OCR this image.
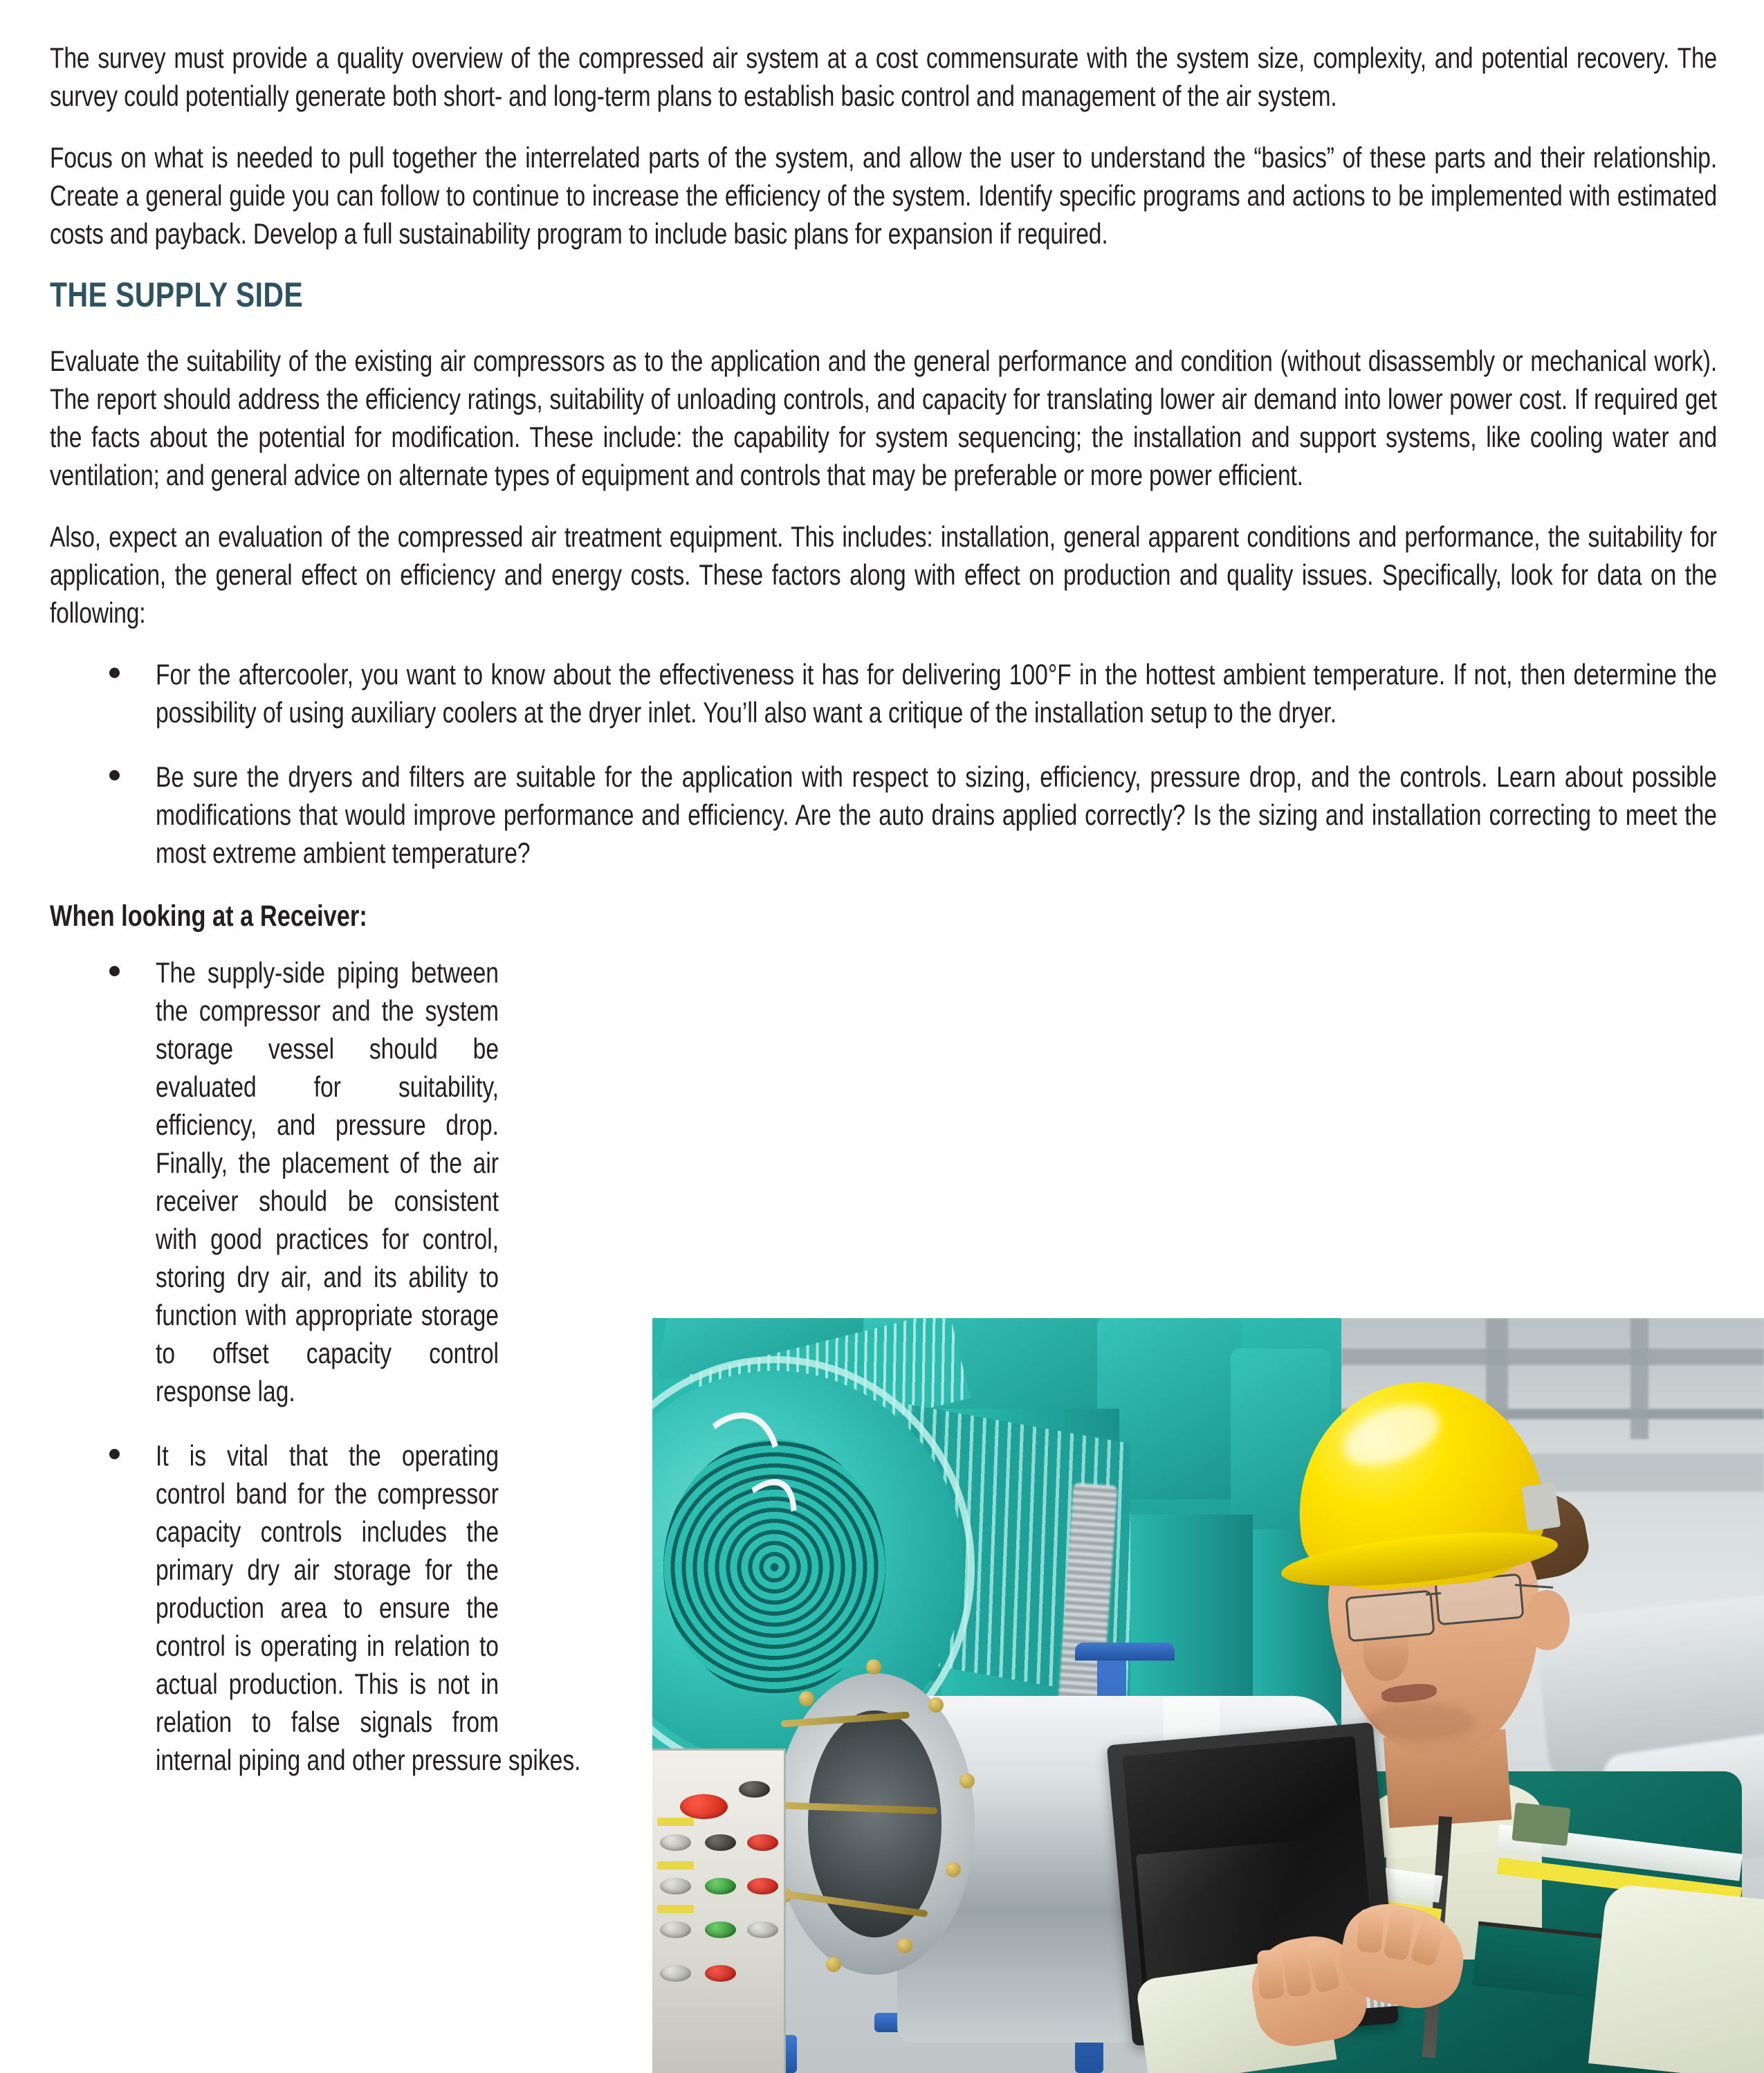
The survey must provide a quality overview of the compressed air system at a cost commensurate with the system size, complexity, and potential recovery. The survey could potentially generate both short- and long-term plans to establish basic control and management of the air system.

Focus on what is needed to pull together the interrelated parts of the system, and allow the user to understand the “basics” of these parts and their relationship. Create a general guide you can follow to continue to increase the efficiency of the system. Identify specific programs and actions to be implemented with estimated costs and payback. Develop a full sustainability program to include basic plans for expansion if required.

THE SUPPLY SIDE

Evaluate the suitability of the existing air compressors as to the application and the general performance and condition (without disassembly or mechanical work). The report should address the efficiency ratings, suitability of unloading controls, and capacity for translating lower air demand into lower power cost. If required get the facts about the potential for modification. These include: the capability for system sequencing; the installation and support systems, like cooling water and ventilation; and general advice on alternate types of equipment and controls that may be preferable or more power efficient.

Also, expect an evaluation of the compressed air treatment equipment. This includes: installation, general apparent conditions and performance, the suitability for application, the general effect on efficiency and energy costs. These factors along with effect on production and quality issues. Specifically, look for data on the following:

For the aftercooler, you want to know about the effectiveness it has for delivering 100°F in the hottest ambient temperature. If not, then determine the possibility of using auxiliary coolers at the dryer inlet. You’ll also want a critique of the installation setup to the dryer.
Be sure the dryers and filters are suitable for the application with respect to sizing, efficiency, pressure drop, and the controls. Learn about possible modifications that would improve performance and efficiency. Are the auto drains applied correctly? Is the sizing and installation correcting to meet the most extreme ambient temperature?
When looking at a Receiver:
The supply-side piping between the compressor and the system storage vessel should be evaluated for suitability, efficiency, and pressure drop. Finally, the placement of the air receiver should be consistent with good practices for control, storing dry air, and its ability to function with appropriate storage to offset capacity control response lag.
It is vital that the operating control band for the compressor capacity controls includes the primary dry air storage for the production area to ensure the control is operating in relation to actual production. This is not in relation to false signals from internal piping and other pressure spikes.
